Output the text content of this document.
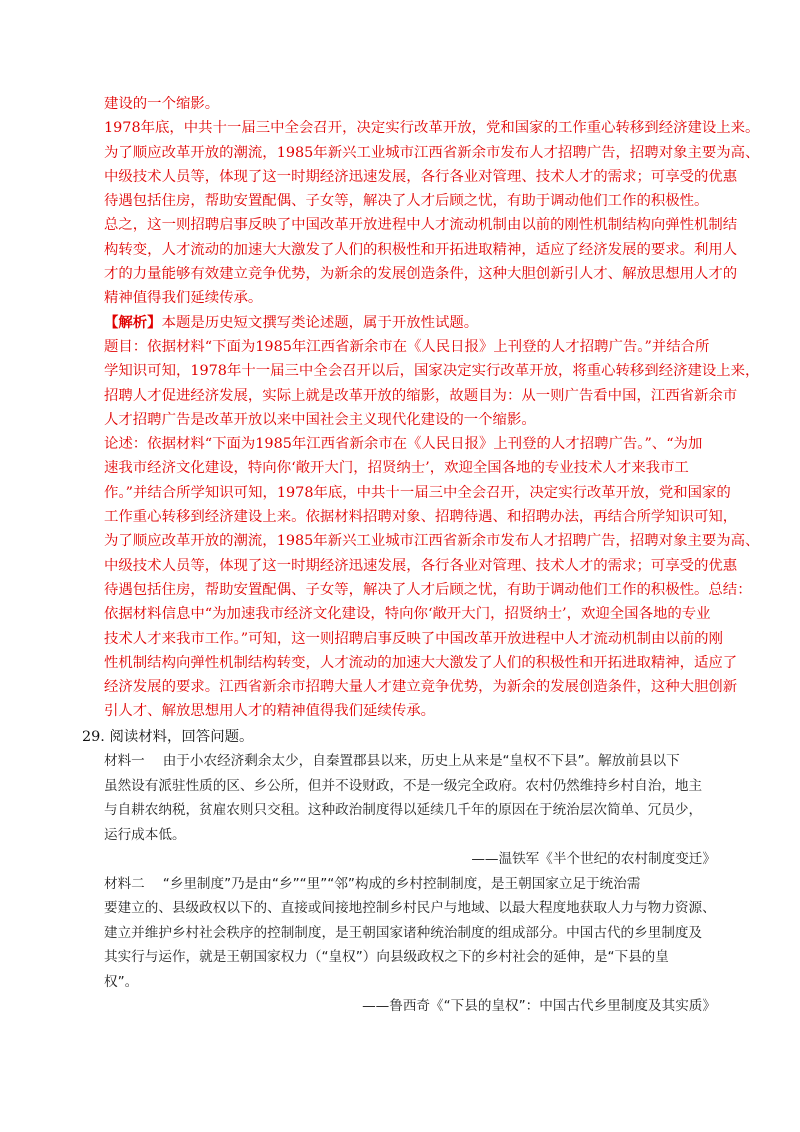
建设的一个缩影。
1978年底，中共十一届三中全会召开，决定实行改革开放，党和国家的工作重心转移到经济建设上来。
为了顺应改革开放的潮流，1985年新兴工业城市江西省新余市发布人才招聘广告，招聘对象主要为高、
中级技术人员等，体现了这一时期经济迅速发展，各行各业对管理、技术人才的需求；可享受的优惠
待遇包括住房，帮助安置配偶、子女等，解决了人才后顾之忧，有助于调动他们工作的积极性。
总之，这一则招聘启事反映了中国改革开放进程中人才流动机制由以前的刚性机制结构向弹性机制结
构转变，人才流动的加速大大激发了人们的积极性和开拓进取精神，适应了经济发展的要求。利用人
才的力量能够有效建立竞争优势，为新余的发展创造条件，这种大胆创新引人才、解放思想用人才的
精神值得我们延续传承。
【解析】本题是历史短文撰写类论述题，属于开放性试题。
题目：依据材料“下面为1985年江西省新余市在《人民日报》上刊登的人才招聘广告。”并结合所
学知识可知，1978年十一届三中全会召开以后，国家决定实行改革开放，将重心转移到经济建设上来，
招聘人才促进经济发展，实际上就是改革开放的缩影，故题目为：从一则广告看中国，江西省新余市
人才招聘广告是改革开放以来中国社会主义现代化建设的一个缩影。
论述：依据材料“下面为1985年江西省新余市在《人民日报》上刊登的人才招聘广告。”、“为加
速我市经济文化建设，特向你‘敞开大门，招贤纳士’，欢迎全国各地的专业技术人才来我市工
作。”并结合所学知识可知，1978年底，中共十一届三中全会召开，决定实行改革开放，党和国家的
工作重心转移到经济建设上来。依据材料招聘对象、招聘待遇、和招聘办法，再结合所学知识可知，
为了顺应改革开放的潮流，1985年新兴工业城市江西省新余市发布人才招聘广告，招聘对象主要为高、
中级技术人员等，体现了这一时期经济迅速发展，各行各业对管理、技术人才的需求；可享受的优惠
待遇包括住房，帮助安置配偶、子女等，解决了人才后顾之忧，有助于调动他们工作的积极性。总结：
依据材料信息中“为加速我市经济文化建设，特向你‘敞开大门，招贤纳士’，欢迎全国各地的专业
技术人才来我市工作。”可知，这一则招聘启事反映了中国改革开放进程中人才流动机制由以前的刚
性机制结构向弹性机制结构转变，人才流动的加速大大激发了人们的积极性和开拓进取精神，适应了
经济发展的要求。江西省新余市招聘大量人才建立竞争优势，为新余的发展创造条件，这种大胆创新
引人才、解放思想用人才的精神值得我们延续传承。
29. 阅读材料，回答问题。
材料一　 由于小农经济剩余太少，自秦置郡县以来，历史上从来是“皇权不下县”。解放前县以下
虽然设有派驻性质的区、乡公所，但并不设财政，不是一级完全政府。农村仍然维持乡村自治，地主
与自耕农纳税，贫雇农则只交租。这种政治制度得以延续几千年的原因在于统治层次简单、冗员少，
运行成本低。
——温铁军《半个世纪的农村制度变迁》
材料二　 “乡里制度”乃是由“乡”“里”“邻”构成的乡村控制制度，是王朝国家立足于统治需
要建立的、县级政权以下的、直接或间接地控制乡村民户与地域、以最大程度地获取人力与物力资源、
建立并维护乡村社会秩序的控制制度，是王朝国家诸种统治制度的组成部分。中国古代的乡里制度及
其实行与运作，就是王朝国家权力（“皇权”）向县级政权之下的乡村社会的延伸，是“下县的皇
权”。
——鲁西奇《“下县的皇权”：中国古代乡里制度及其实质》
